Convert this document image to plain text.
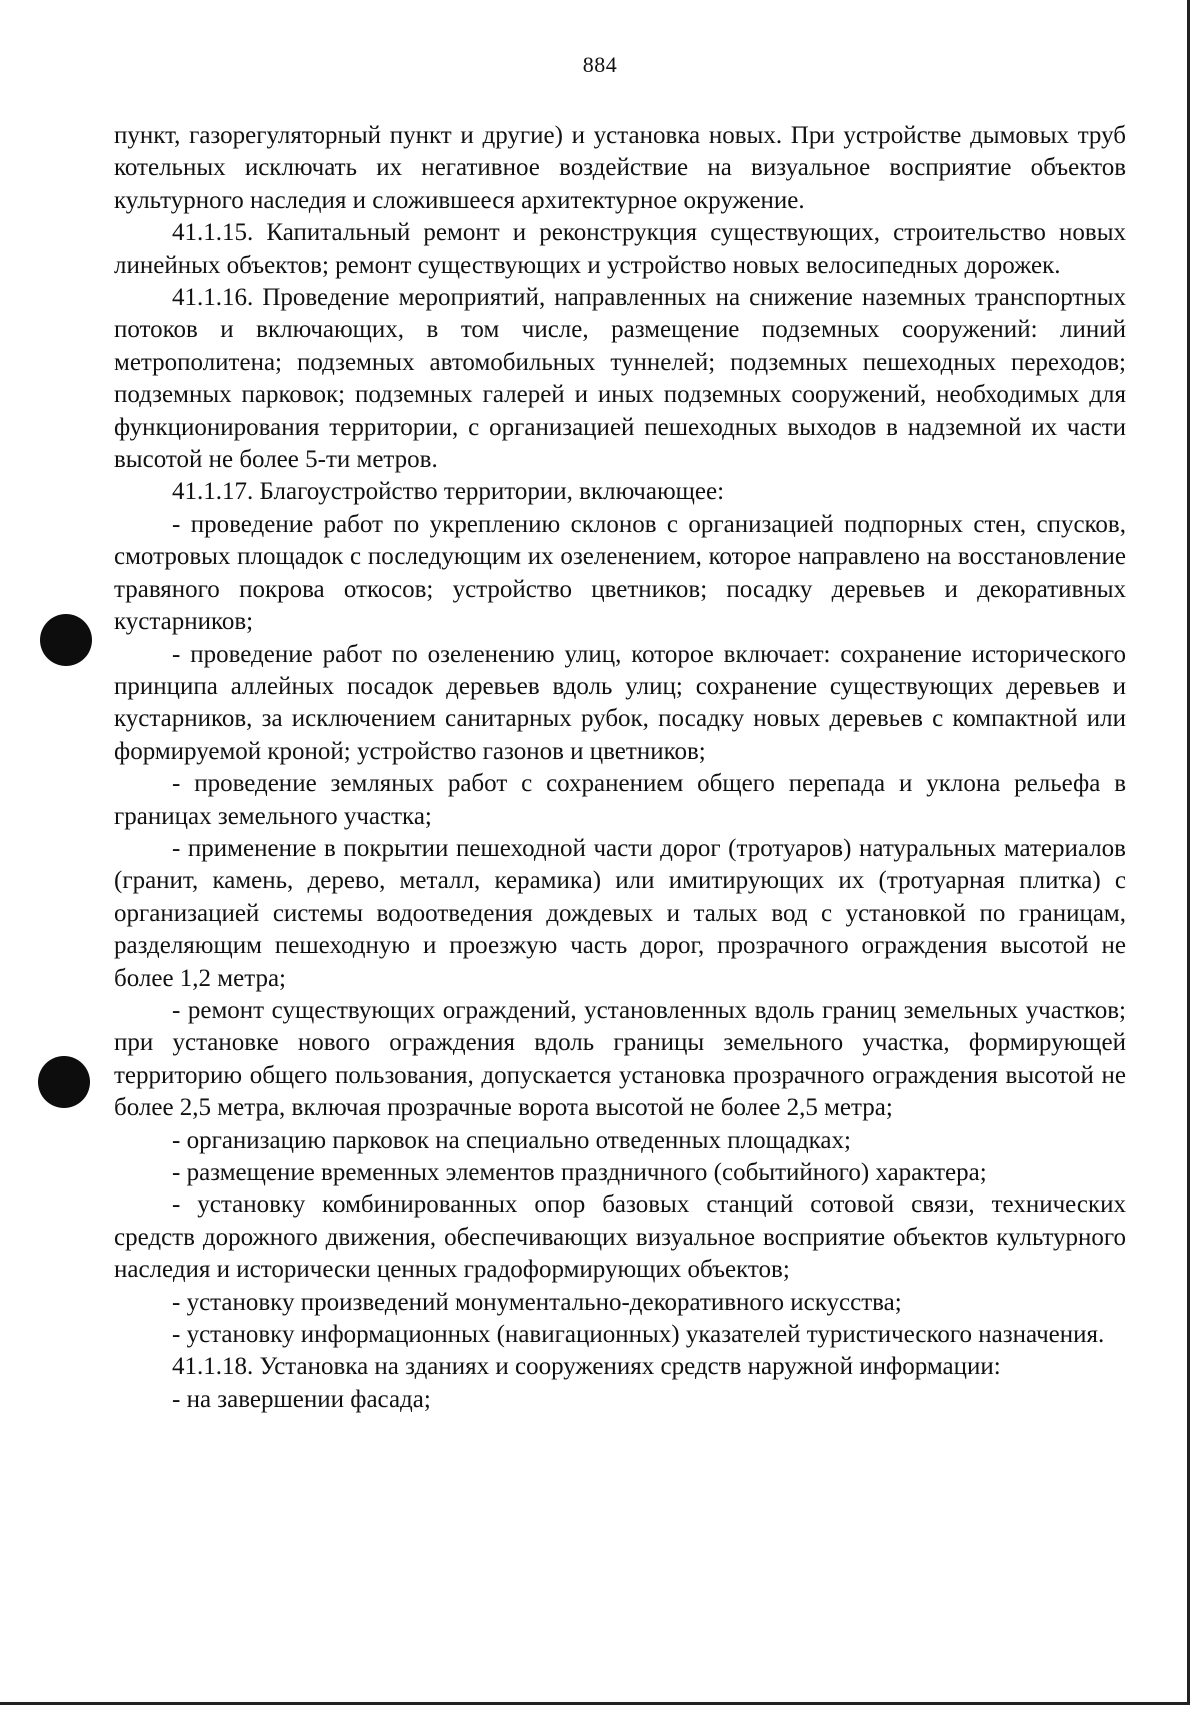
884

пункт, газорегуляторный пункт и другие) и установка новых. При устройстве дымовых труб котельных исключать их негативное воздействие на визуальное восприятие объектов культурного наследия и сложившееся архитектурное окружение.

41.1.15. Капитальный ремонт и реконструкция существующих, строительство новых линейных объектов; ремонт существующих и устройство новых велосипедных дорожек.

41.1.16. Проведение мероприятий, направленных на снижение наземных транспортных потоков и включающих, в том числе, размещение подземных сооружений: линий метрополитена; подземных автомобильных туннелей; подземных пешеходных переходов; подземных парковок; подземных галерей и иных подземных сооружений, необходимых для функционирования территории, с организацией пешеходных выходов в надземной их части высотой не более 5-ти метров.

41.1.17. Благоустройство территории, включающее:

- проведение работ по укреплению склонов с организацией подпорных стен, спусков, смотровых площадок с последующим их озеленением, которое направлено на восстановление травяного покрова откосов; устройство цветников; посадку деревьев и декоративных кустарников;

- проведение работ по озеленению улиц, которое включает: сохранение исторического принципа аллейных посадок деревьев вдоль улиц; сохранение существующих деревьев и кустарников, за исключением санитарных рубок, посадку новых деревьев с компактной или формируемой кроной; устройство газонов и цветников;

- проведение земляных работ с сохранением общего перепада и уклона рельефа в границах земельного участка;

- применение в покрытии пешеходной части дорог (тротуаров) натуральных материалов (гранит, камень, дерево, металл, керамика) или имитирующих их (тротуарная плитка) с организацией системы водоотведения дождевых и талых вод с установкой по границам, разделяющим пешеходную и проезжую часть дорог, прозрачного ограждения высотой не более 1,2 метра;

- ремонт существующих ограждений, установленных вдоль границ земельных участков; при установке нового ограждения вдоль границы земельного участка, формирующей территорию общего пользования, допускается установка прозрачного ограждения высотой не более 2,5 метра, включая прозрачные ворота высотой не более 2,5 метра;

- организацию парковок на специально отведенных площадках;

- размещение временных элементов праздничного (событийного) характера;

- установку комбинированных опор базовых станций сотовой связи, технических средств дорожного движения, обеспечивающих визуальное восприятие объектов культурного наследия и исторически ценных градоформирующих объектов;

- установку произведений монументально-декоративного искусства;

- установку информационных (навигационных) указателей туристического назначения.

41.1.18. Установка на зданиях и сооружениях средств наружной информации:

- на завершении фасада;
